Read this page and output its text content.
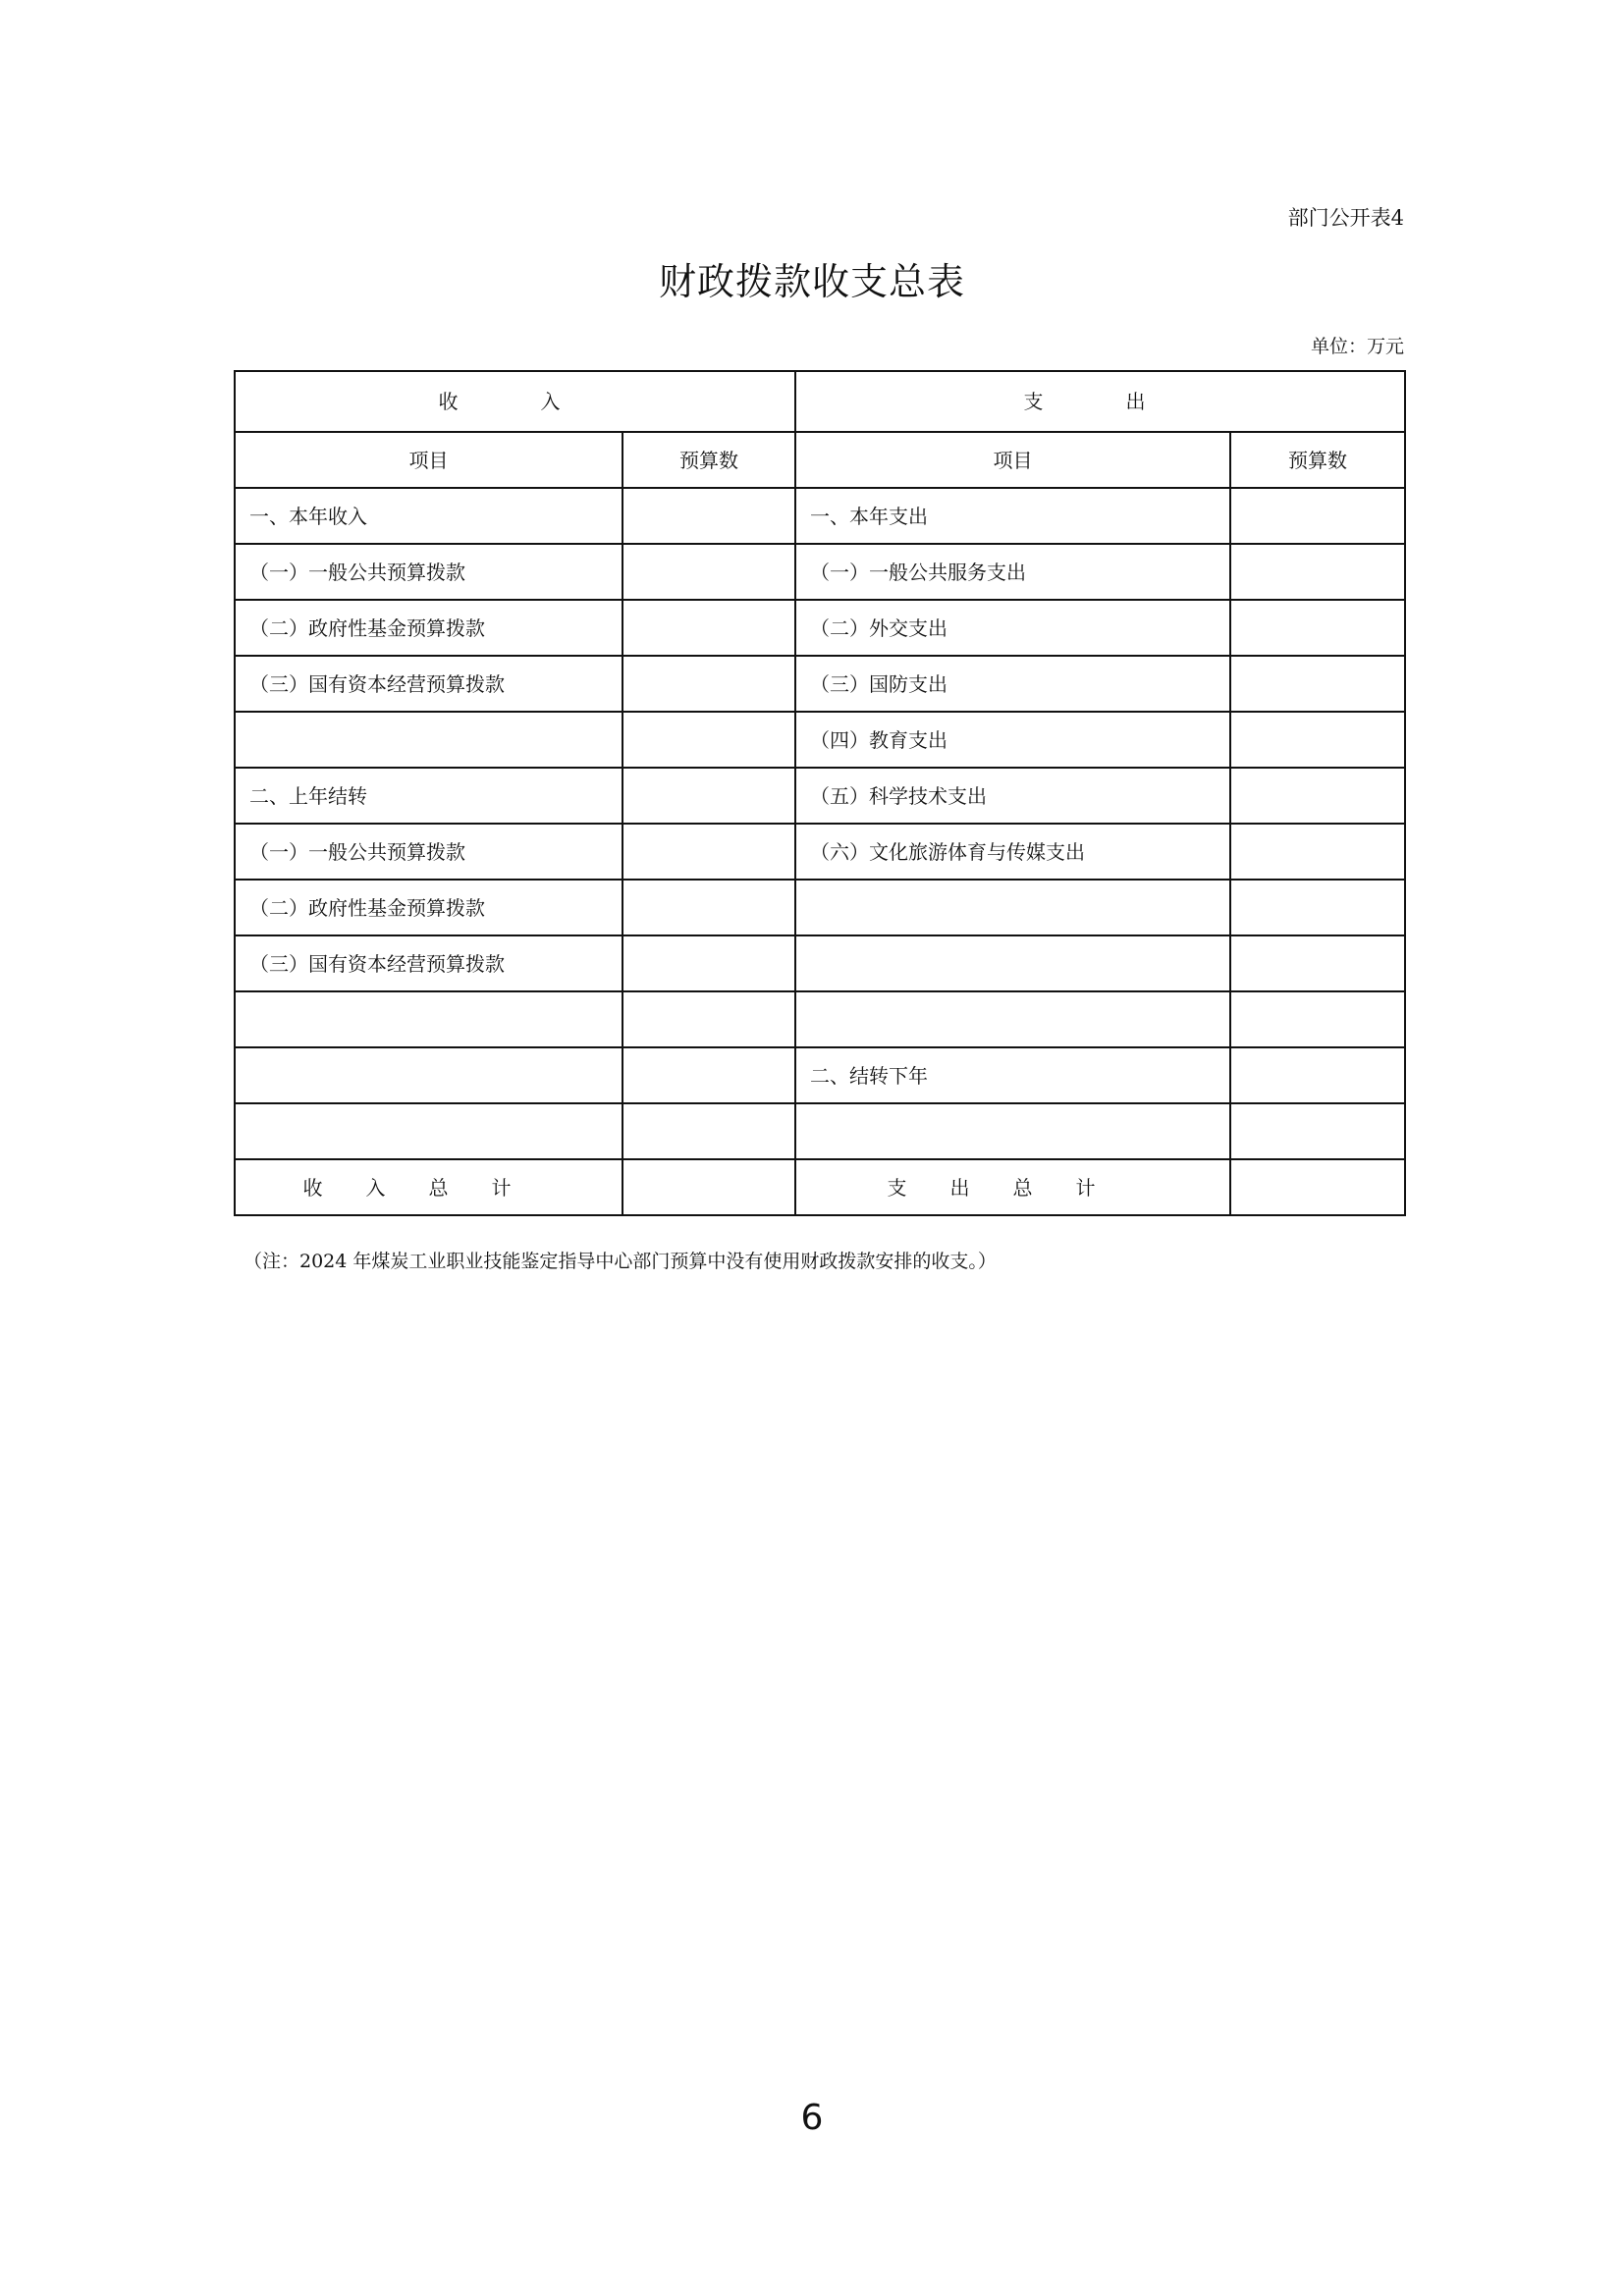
部门公开表4
财政拨款收支总表
单位：万元
收　入		支　出	
项目	预算数	项目	预算数
一、本年收入		一、本年支出	
（一）一般公共预算拨款		（一）一般公共服务支出	
（二）政府性基金预算拨款		（二）外交支出	
（三）国有资本经营预算拨款		（三）国防支出	
		（四）教育支出	
二、上年结转		（五）科学技术支出	
（一）一般公共预算拨款		（六）文化旅游体育与传媒支出	
（二）政府性基金预算拨款			
（三）国有资本经营预算拨款			

		二、结转下年	

收入总计		支出总计	
（注：2024 年煤炭工业职业技能鉴定指导中心部门预算中没有使用财政拨款安排的收支。）
6
